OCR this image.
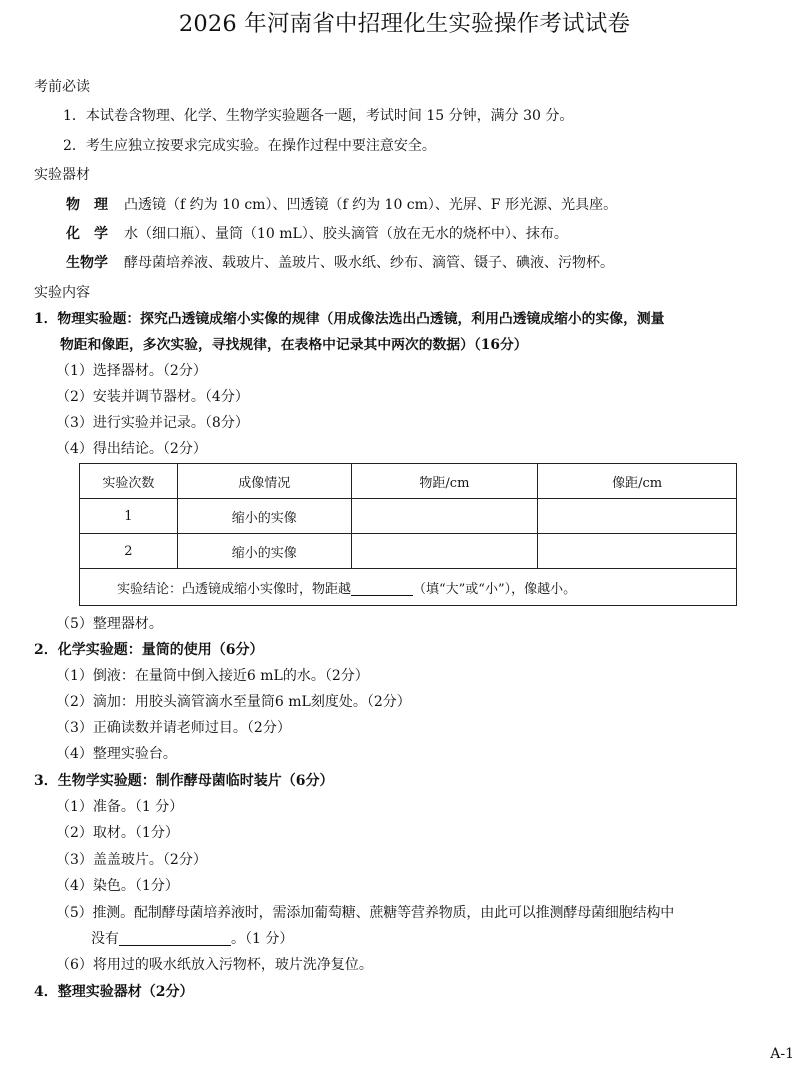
2026 年河南省中招理化生实验操作考试试卷
考前必读
1．本试卷含物理、化学、生物学实验题各一题，考试时间 15 分钟，满分 30 分。
2．考生应独立按要求完成实验。在操作过程中要注意安全。
实验器材
物　理 凸透镜（f 约为 10 cm）、凹透镜（f 约为 10 cm）、光屏、F 形光源、光具座。
化　学 水（细口瓶）、量筒（10 mL）、胶头滴管（放在无水的烧杯中）、抹布。
生物学 酵母菌培养液、载玻片、盖玻片、吸水纸、纱布、滴管、镊子、碘液、污物杯。
实验内容
1．物理实验题：探究凸透镜成缩小实像的规律（用成像法选出凸透镜，利用凸透镜成缩小的实像，测量
物距和像距，多次实验，寻找规律，在表格中记录其中两次的数据）（16分）
（1）选择器材。（2分）
（2）安装并调节器材。（4分）
（3）进行实验并记录。（8分）
（4）得出结论。（2分）
实验次数	成像情况	物距/cm	像距/cm
1	缩小的实像		
2	缩小的实像		
实验结论：凸透镜成缩小实像时，物距越 （填“大”或“小”），像越小。			
（5）整理器材。
2．化学实验题：量筒的使用（6分）
（1）倒液：在量筒中倒入接近6 mL的水。（2分）
（2）滴加：用胶头滴管滴水至量筒6 mL刻度处。（2分）
（3）正确读数并请老师过目。（2分）
（4）整理实验台。
3．生物学实验题：制作酵母菌临时装片（6分）
（1）准备。（1 分）
（2）取材。（1分）
（3）盖盖玻片。（2分）
（4）染色。（1分）
（5）推测。配制酵母菌培养液时，需添加葡萄糖、蔗糖等营养物质，由此可以推测酵母菌细胞结构中
没有	。（1 分）
（6）将用过的吸水纸放入污物杯，玻片洗净复位。
4．整理实验器材（2分）
A-1
